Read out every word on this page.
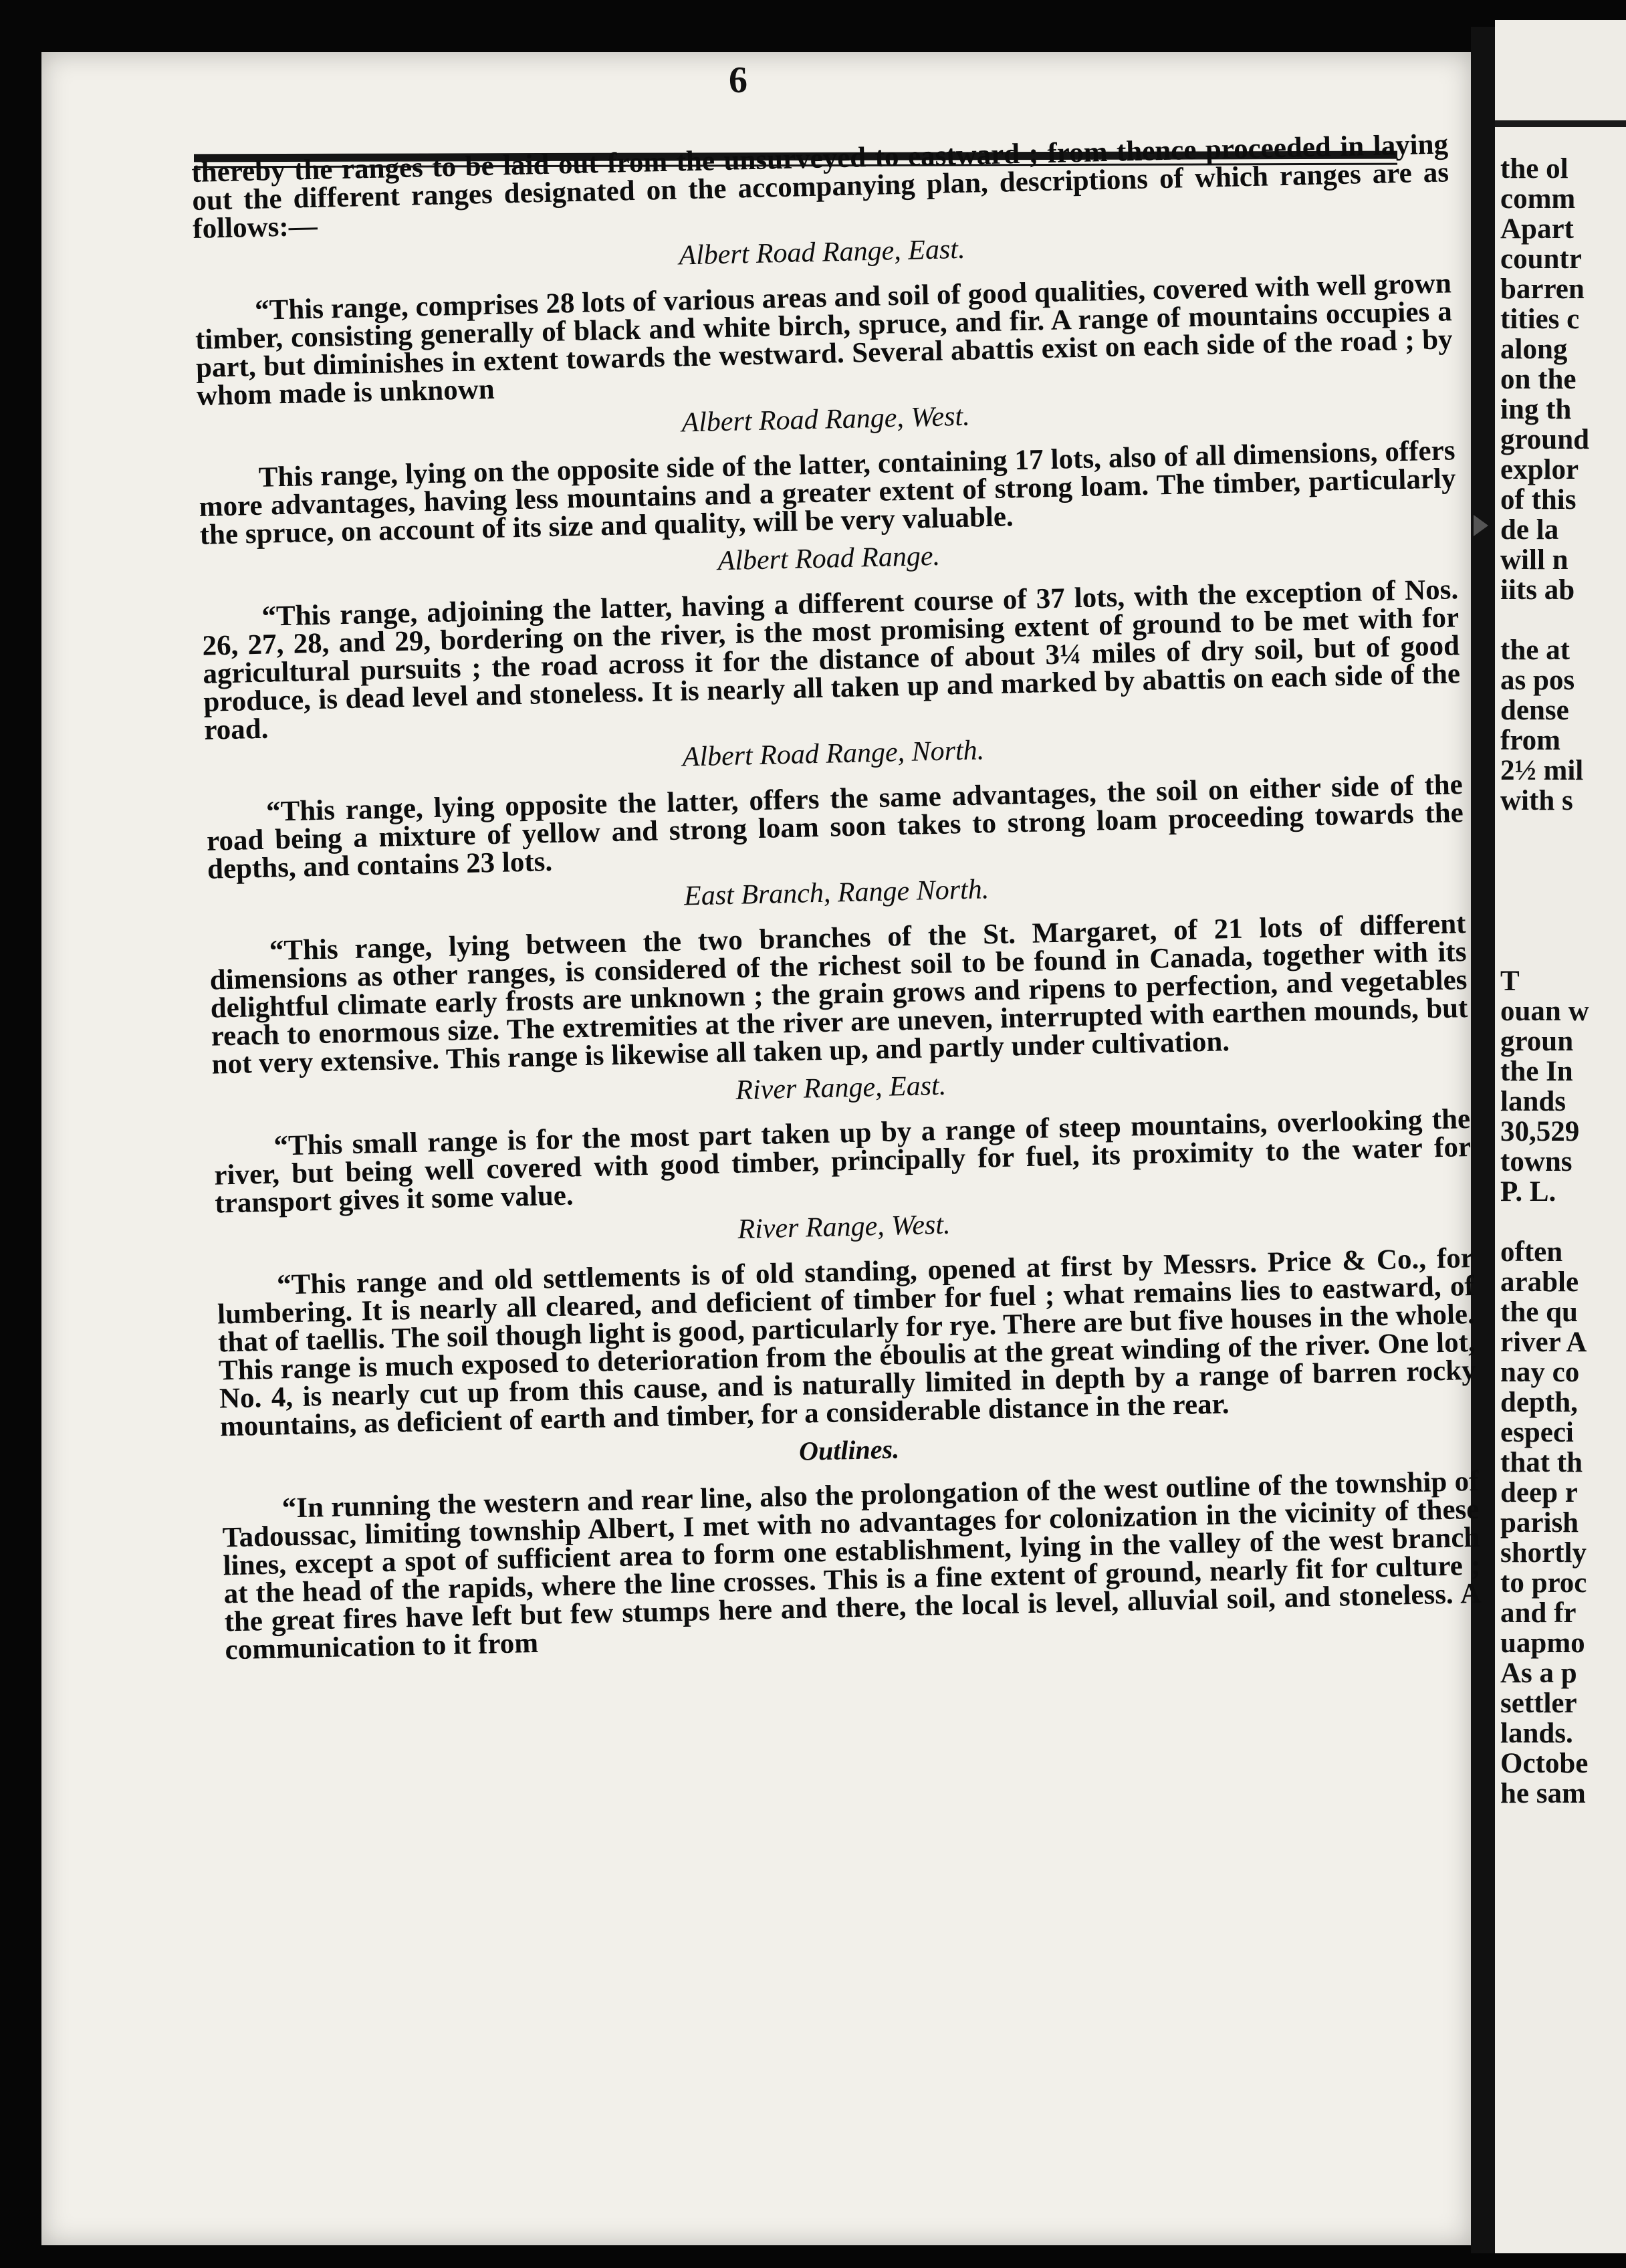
6

thereby the ranges to be laid out from the unsurveyed to eastward ; from thence proceeded in laying out the different ranges designated on the accompanying plan, descriptions of which ranges are as follows:—

Albert Road Range, East.

“This range, comprises 28 lots of various areas and soil of good qualities, covered with well grown timber, consisting generally of black and white birch, spruce, and fir. A range of mountains occupies a part, but diminishes in extent towards the westward. Several abattis exist on each side of the road ; by whom made is unknown

Albert Road Range, West.

This range, lying on the opposite side of the latter, containing 17 lots, also of all dimensions, offers more advantages, having less mountains and a greater extent of strong loam. The timber, particularly the spruce, on account of its size and quality, will be very valuable.

Albert Road Range.

“This range, adjoining the latter, having a different course of 37 lots, with the exception of Nos. 26, 27, 28, and 29, bordering on the river, is the most promising extent of ground to be met with for agricultural pursuits ; the road across it for the distance of about 3¼ miles of dry soil, but of good produce, is dead level and stoneless. It is nearly all taken up and marked by abattis on each side of the road.

Albert Road Range, North.

“This range, lying opposite the latter, offers the same advantages, the soil on either side of the road being a mixture of yellow and strong loam soon takes to strong loam proceeding towards the depths, and contains 23 lots.

East Branch, Range North.

“This range, lying between the two branches of the St. Margaret, of 21 lots of different dimensions as other ranges, is considered of the richest soil to be found in Canada, together with its delightful climate early frosts are unknown ; the grain grows and ripens to perfection, and vegetables reach to enormous size. The extremities at the river are uneven, interrupted with earthen mounds, but not very extensive. This range is likewise all taken up, and partly under cultivation.

River Range, East.

“This small range is for the most part taken up by a range of steep mountains, overlooking the river, but being well covered with good timber, principally for fuel, its proximity to the water for transport gives it some value.

River Range, West.

“This range and old settlements is of old standing, opened at first by Messrs. Price & Co., for lumbering. It is nearly all cleared, and deficient of timber for fuel ; what remains lies to eastward, of that of taellis. The soil though light is good, particularly for rye. There are but five houses in the whole. This range is much exposed to deterioration from the éboulis at the great winding of the river. One lot, No. 4, is nearly cut up from this cause, and is naturally limited in depth by a range of barren rocky mountains, as deficient of earth and timber, for a considerable distance in the rear.

Outlines.

“In running the western and rear line, also the prolongation of the west outline of the township of Tadoussac, limiting township Albert, I met with no advantages for colonization in the vicinity of these lines, except a spot of sufficient area to form one establishment, lying in the valley of the west branch at the head of the rapids, where the line crosses. This is a fine extent of ground, nearly fit for culture ; the great fires have left but few stumps here and there, the local is level, alluvial soil, and stoneless. A communication to it from

the ol
comm
Apart
countr
barren
tities c
along
on the
ing th
ground
explor
of this
de la
will n
iits ab
the at
as pos
dense
from
2½ mil
with s
T
ouan w
groun
the In
lands
30,529
towns
P. L.
often
arable
the qu
river A
nay co
depth,
especi
that th
deep r
parish
shortly
to proc
and fr
uapmo
As a p
settler
lands.
Octobe
he sam
